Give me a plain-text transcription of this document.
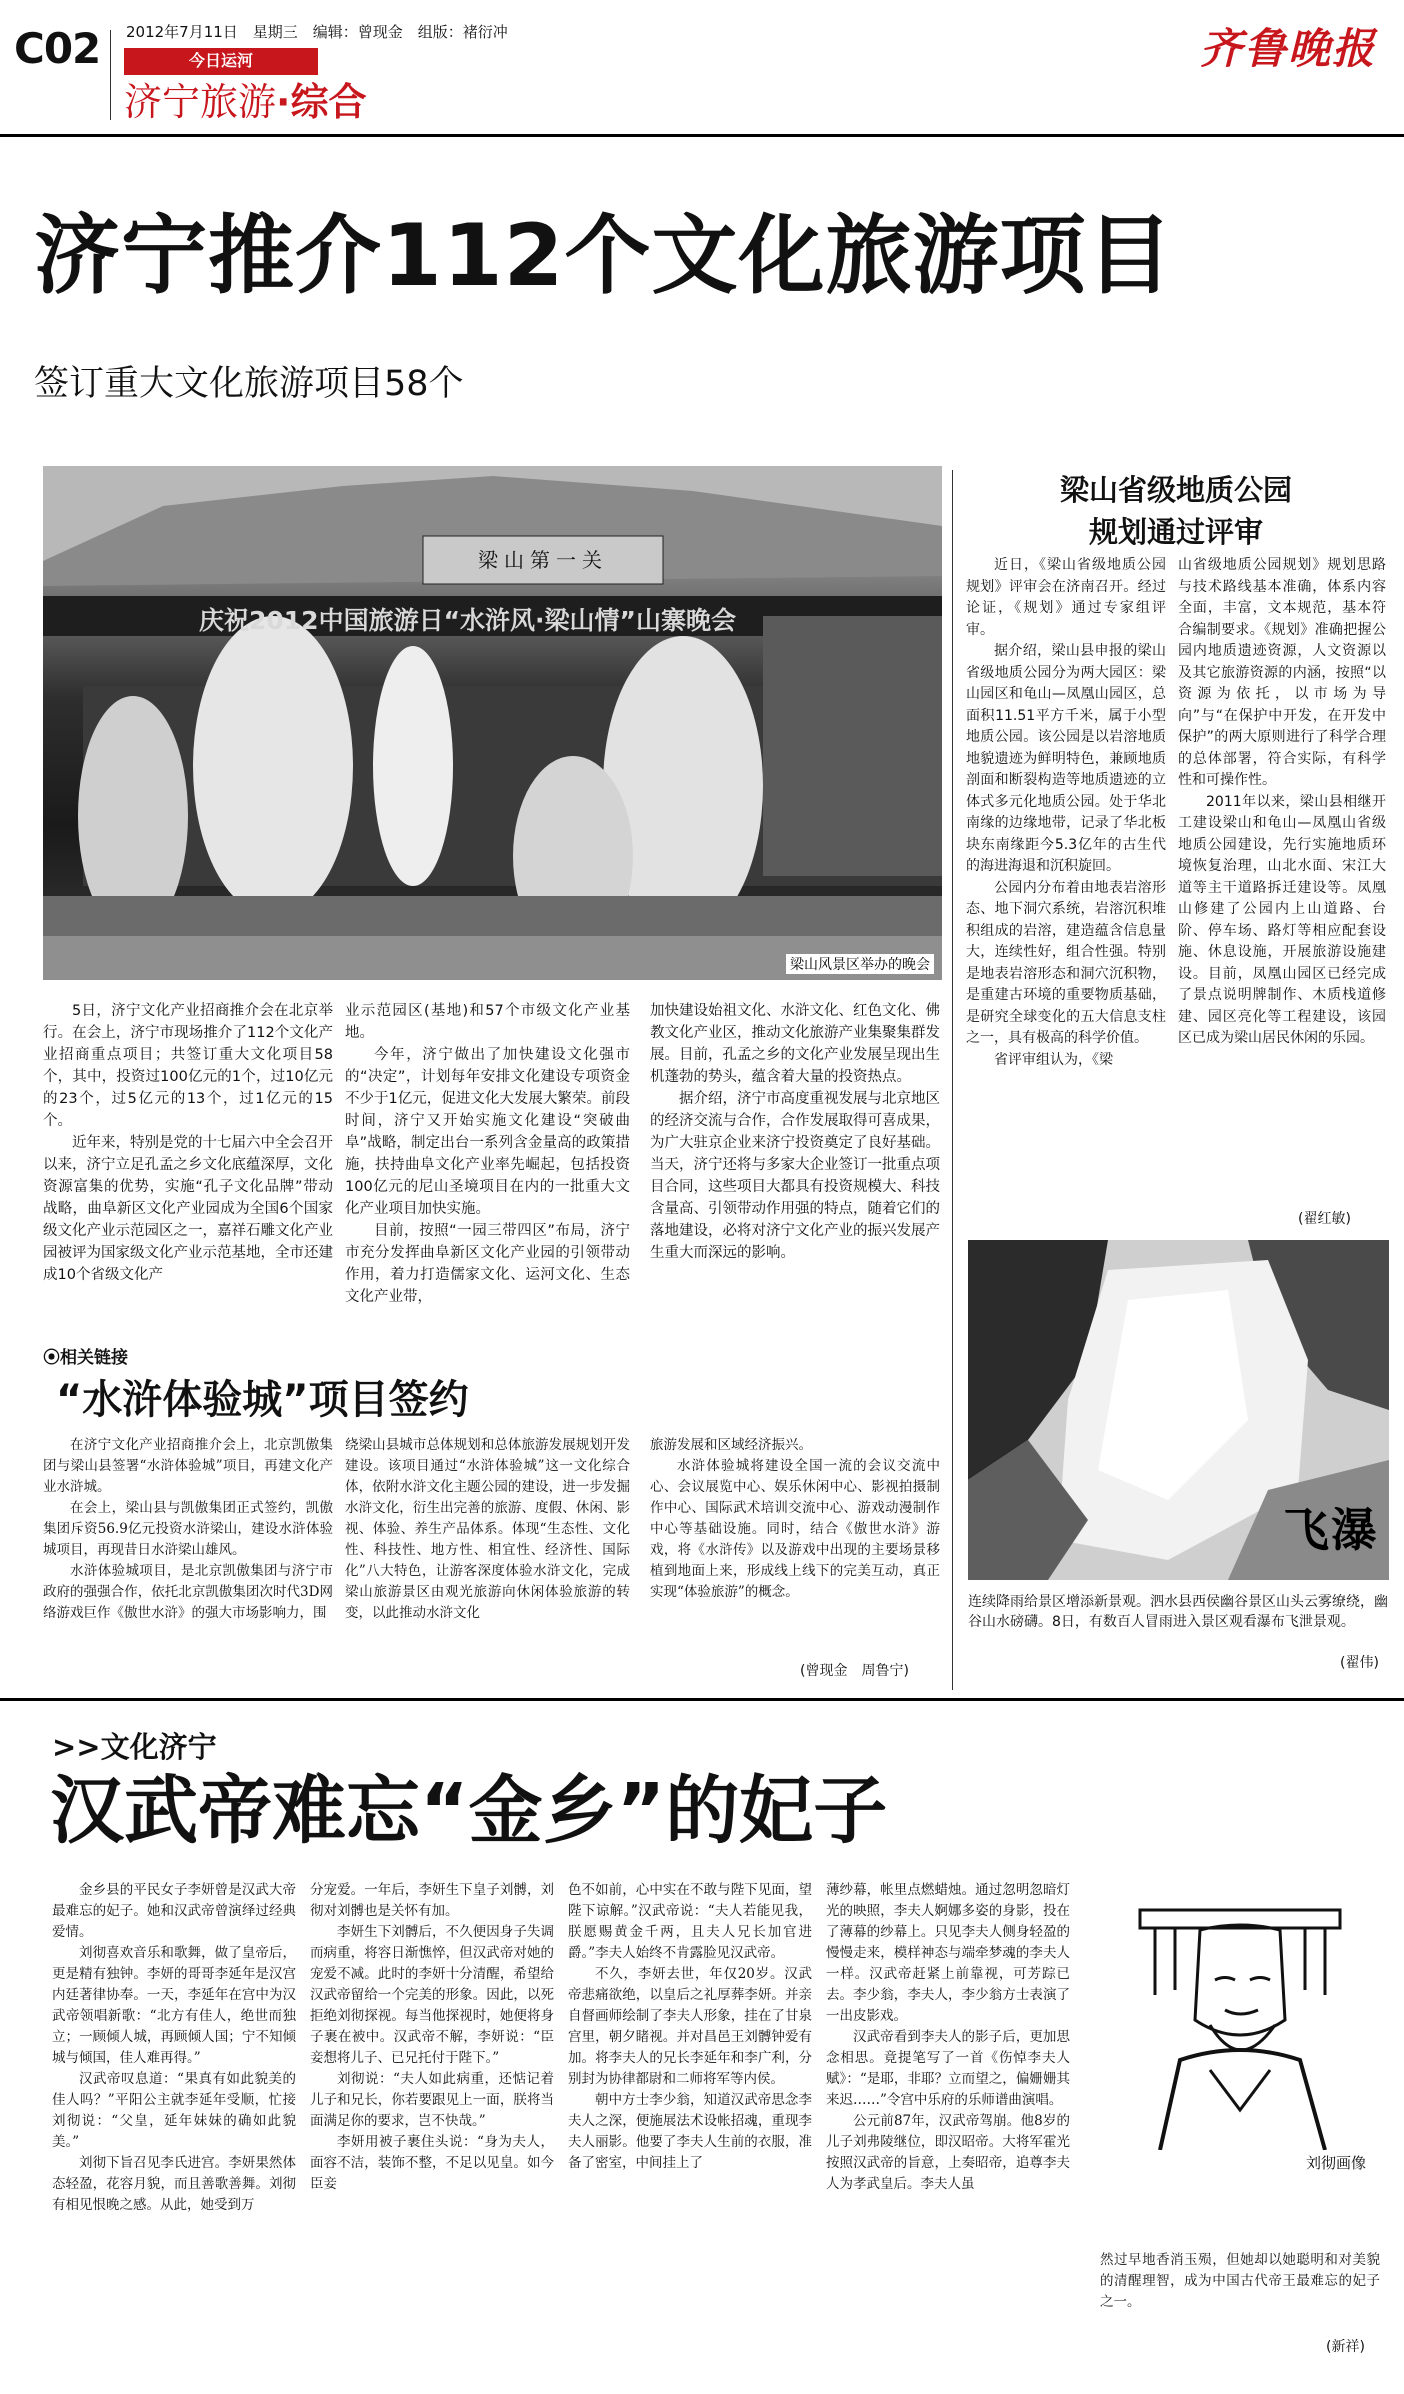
C02 2012年7月11日　星期三　编辑：曾现金　组版：褚衍冲
今日运河
济宁旅游·综合
齐鲁晚报
济宁推介112个文化旅游项目
签订重大文化旅游项目58个
梁山第一关
庆祝2012中国旅游日“水浒风·梁山情”山寨晚会
梁山风景区举办的晚会

5日，济宁文化产业招商推介会在北京举行。在会上，济宁市现场推介了112个文化产业招商重点项目；共签订重大文化项目58个，其中，投资过100亿元的1个，过10亿元的23个，过5亿元的13个，过1亿元的15个。

近年来，特别是党的十七届六中全会召开以来，济宁立足孔孟之乡文化底蕴深厚，文化资源富集的优势，实施“孔子文化品牌”带动战略，曲阜新区文化产业园成为全国6个国家级文化产业示范园区之一，嘉祥石雕文化产业园被评为国家级文化产业示范基地，全市还建成10个省级文化产

业示范园区(基地)和57个市级文化产业基地。

今年，济宁做出了加快建设文化强市的“决定”，计划每年安排文化建设专项资金不少于1亿元，促进文化大发展大繁荣。前段时间，济宁又开始实施文化建设“突破曲阜”战略，制定出台一系列含金量高的政策措施，扶持曲阜文化产业率先崛起，包括投资100亿元的尼山圣境项目在内的一批重大文化产业项目加快实施。

目前，按照“一园三带四区”布局，济宁市充分发挥曲阜新区文化产业园的引领带动作用，着力打造儒家文化、运河文化、生态文化产业带，

加快建设始祖文化、水浒文化、红色文化、佛教文化产业区，推动文化旅游产业集聚集群发展。目前，孔孟之乡的文化产业发展呈现出生机蓬勃的势头，蕴含着大量的投资热点。

据介绍，济宁市高度重视发展与北京地区的经济交流与合作，合作发展取得可喜成果，为广大驻京企业来济宁投资奠定了良好基础。当天，济宁还将与多家大企业签订一批重点项目合同，这些项目大都具有投资规模大、科技含量高、引领带动作用强的特点，随着它们的落地建设，必将对济宁文化产业的振兴发展产生重大而深远的影响。

⦿相关链接
“水浒体验城”项目签约

在济宁文化产业招商推介会上，北京凯傲集团与梁山县签署“水浒体验城”项目，再建文化产业水浒城。

在会上，梁山县与凯傲集团正式签约，凯傲集团斥资56.9亿元投资水浒梁山，建设水浒体验城项目，再现昔日水浒梁山雄风。

水浒体验城项目，是北京凯傲集团与济宁市政府的强强合作，依托北京凯傲集团次时代3D网络游戏巨作《傲世水浒》的强大市场影响力，围

绕梁山县城市总体规划和总体旅游发展规划开发建设。该项目通过“水浒体验城”这一文化综合体，依附水浒文化主题公园的建设，进一步发掘水浒文化，衍生出完善的旅游、度假、休闲、影视、体验、养生产品体系。体现“生态性、文化性、科技性、地方性、相宜性、经济性、国际化”八大特色，让游客深度体验水浒文化，完成梁山旅游景区由观光旅游向休闲体验旅游的转变，以此推动水浒文化

旅游发展和区域经济振兴。

水浒体验城将建设全国一流的会议交流中心、会议展览中心、娱乐休闲中心、影视拍摄制作中心、国际武术培训交流中心、游戏动漫制作中心等基础设施。同时，结合《傲世水浒》游戏，将《水浒传》以及游戏中出现的主要场景移植到地面上来，形成线上线下的完美互动，真正实现“体验旅游”的概念。

(曾现金　周鲁宁)
梁山省级地质公园
规划通过评审

近日，《梁山省级地质公园规划》评审会在济南召开。经过论证，《规划》通过专家组评审。

据介绍，梁山县申报的梁山省级地质公园分为两大园区：梁山园区和龟山—凤凰山园区，总面积11.51平方千米，属于小型地质公园。该公园是以岩溶地质地貌遗迹为鲜明特色，兼顾地质剖面和断裂构造等地质遗迹的立体式多元化地质公园。处于华北南缘的边缘地带，记录了华北板块东南缘距今5.3亿年的古生代的海进海退和沉积旋回。

公园内分布着由地表岩溶形态、地下洞穴系统，岩溶沉积堆积组成的岩溶，建造蕴含信息量大，连续性好，组合性强。特别是地表岩溶形态和洞穴沉积物，是重建古环境的重要物质基础，是研究全球变化的五大信息支柱之一，具有极高的科学价值。

省评审组认为，《梁

山省级地质公园规划》规划思路与技术路线基本准确，体系内容全面，丰富，文本规范，基本符合编制要求。《规划》准确把握公园内地质遗迹资源，人文资源以及其它旅游资源的内涵，按照“以资源为依托，以市场为导向”与“在保护中开发，在开发中保护”的两大原则进行了科学合理的总体部署，符合实际，有科学性和可操作性。

2011年以来，梁山县相继开工建设梁山和龟山—凤凰山省级地质公园建设，先行实施地质环境恢复治理，山北水面、宋江大道等主干道路拆迁建设等。凤凰山修建了公园内上山道路、台阶、停车场、路灯等相应配套设施、休息设施，开展旅游设施建设。目前，凤凰山园区已经完成了景点说明牌制作、木质栈道修建、园区亮化等工程建设，该园区已成为梁山居民休闲的乐园。

(翟红敏)
飞瀑
连续降雨给景区增添新景观。泗水县西侯幽谷景区山头云雾缭绕，幽谷山水磅礴。8日，有数百人冒雨进入景区观看瀑布飞泄景观。
(翟伟)
>>文化济宁
汉武帝难忘“金乡”的妃子

金乡县的平民女子李妍曾是汉武大帝最难忘的妃子。她和汉武帝曾演绎过经典爱情。

刘彻喜欢音乐和歌舞，做了皇帝后，更是精有独钟。李妍的哥哥李延年是汉宫内廷著律协奉。一天，李延年在宫中为汉武帝领唱新歌：“北方有佳人，绝世而独立；一顾倾人城，再顾倾人国；宁不知倾城与倾国，佳人难再得。”

汉武帝叹息道：“果真有如此貌美的佳人吗？”平阳公主就李延年受顺，忙接刘彻说：“父皇，延年妹妹的确如此貌美。”

刘彻下旨召见李氏进宫。李妍果然体态轻盈，花容月貌，而且善歌善舞。刘彻有相见恨晚之感。从此，她受到万

分宠爱。一年后，李妍生下皇子刘髆，刘彻对刘髆也是关怀有加。

李妍生下刘髆后，不久便因身子失调而病重，将容日渐憔悴，但汉武帝对她的宠爱不减。此时的李妍十分清醒，希望给汉武帝留给一个完美的形象。因此，以死拒绝刘彻探视。每当他探视时，她便将身子裹在被中。汉武帝不解，李妍说：“臣妾想将儿子、已兄托付于陛下。”

刘彻说：“夫人如此病重，还惦记着儿子和兄长，你若要跟见上一面，朕将当面满足你的要求，岂不快哉。”

李妍用被子裹住头说：“身为夫人，面容不洁，装饰不整，不足以见皇。如今臣妾

色不如前，心中实在不敢与陛下见面，望陛下谅解。”汉武帝说：“夫人若能见我，朕愿赐黄金千两，且夫人兄长加官进爵。”李夫人始终不肯露脸见汉武帝。

不久，李妍去世，年仅20岁。汉武帝悲痛欲绝，以皇后之礼厚葬李妍。并亲自督画师绘制了李夫人形象，挂在了甘泉宫里，朝夕睹视。并对昌邑王刘髆钟爱有加。将李夫人的兄长李延年和李广利，分别封为协律都尉和二师将军等内侯。

朝中方士李少翁，知道汉武帝思念李夫人之深，便施展法术设帐招魂，重现李夫人丽影。他要了李夫人生前的衣服，准备了密室，中间挂上了

薄纱幕，帐里点燃蜡烛。通过忽明忽暗灯光的映照，李夫人婀娜多姿的身影，投在了薄幕的纱幕上。只见李夫人侧身轻盈的慢慢走来，模样神态与端牵梦魂的李夫人一样。汉武帝赶紧上前靠视，可芳踪已去。李少翁，李夫人，李少翁方士表演了一出皮影戏。

汉武帝看到李夫人的影子后，更加思念相思。竟提笔写了一首《伤悼李夫人赋》：“是耶，非耶？立而望之，偏姗姗其来迟……”令宫中乐府的乐师谱曲演唱。

公元前87年，汉武帝驾崩。他8岁的儿子刘弗陵继位，即汉昭帝。大将军霍光按照汉武帝的旨意，上奏昭帝，追尊李夫人为孝武皇后。李夫人虽

刘彻画像

然过早地香消玉殒，但她却以她聪明和对美貌的清醒理智，成为中国古代帝王最难忘的妃子之一。

(新祥)
